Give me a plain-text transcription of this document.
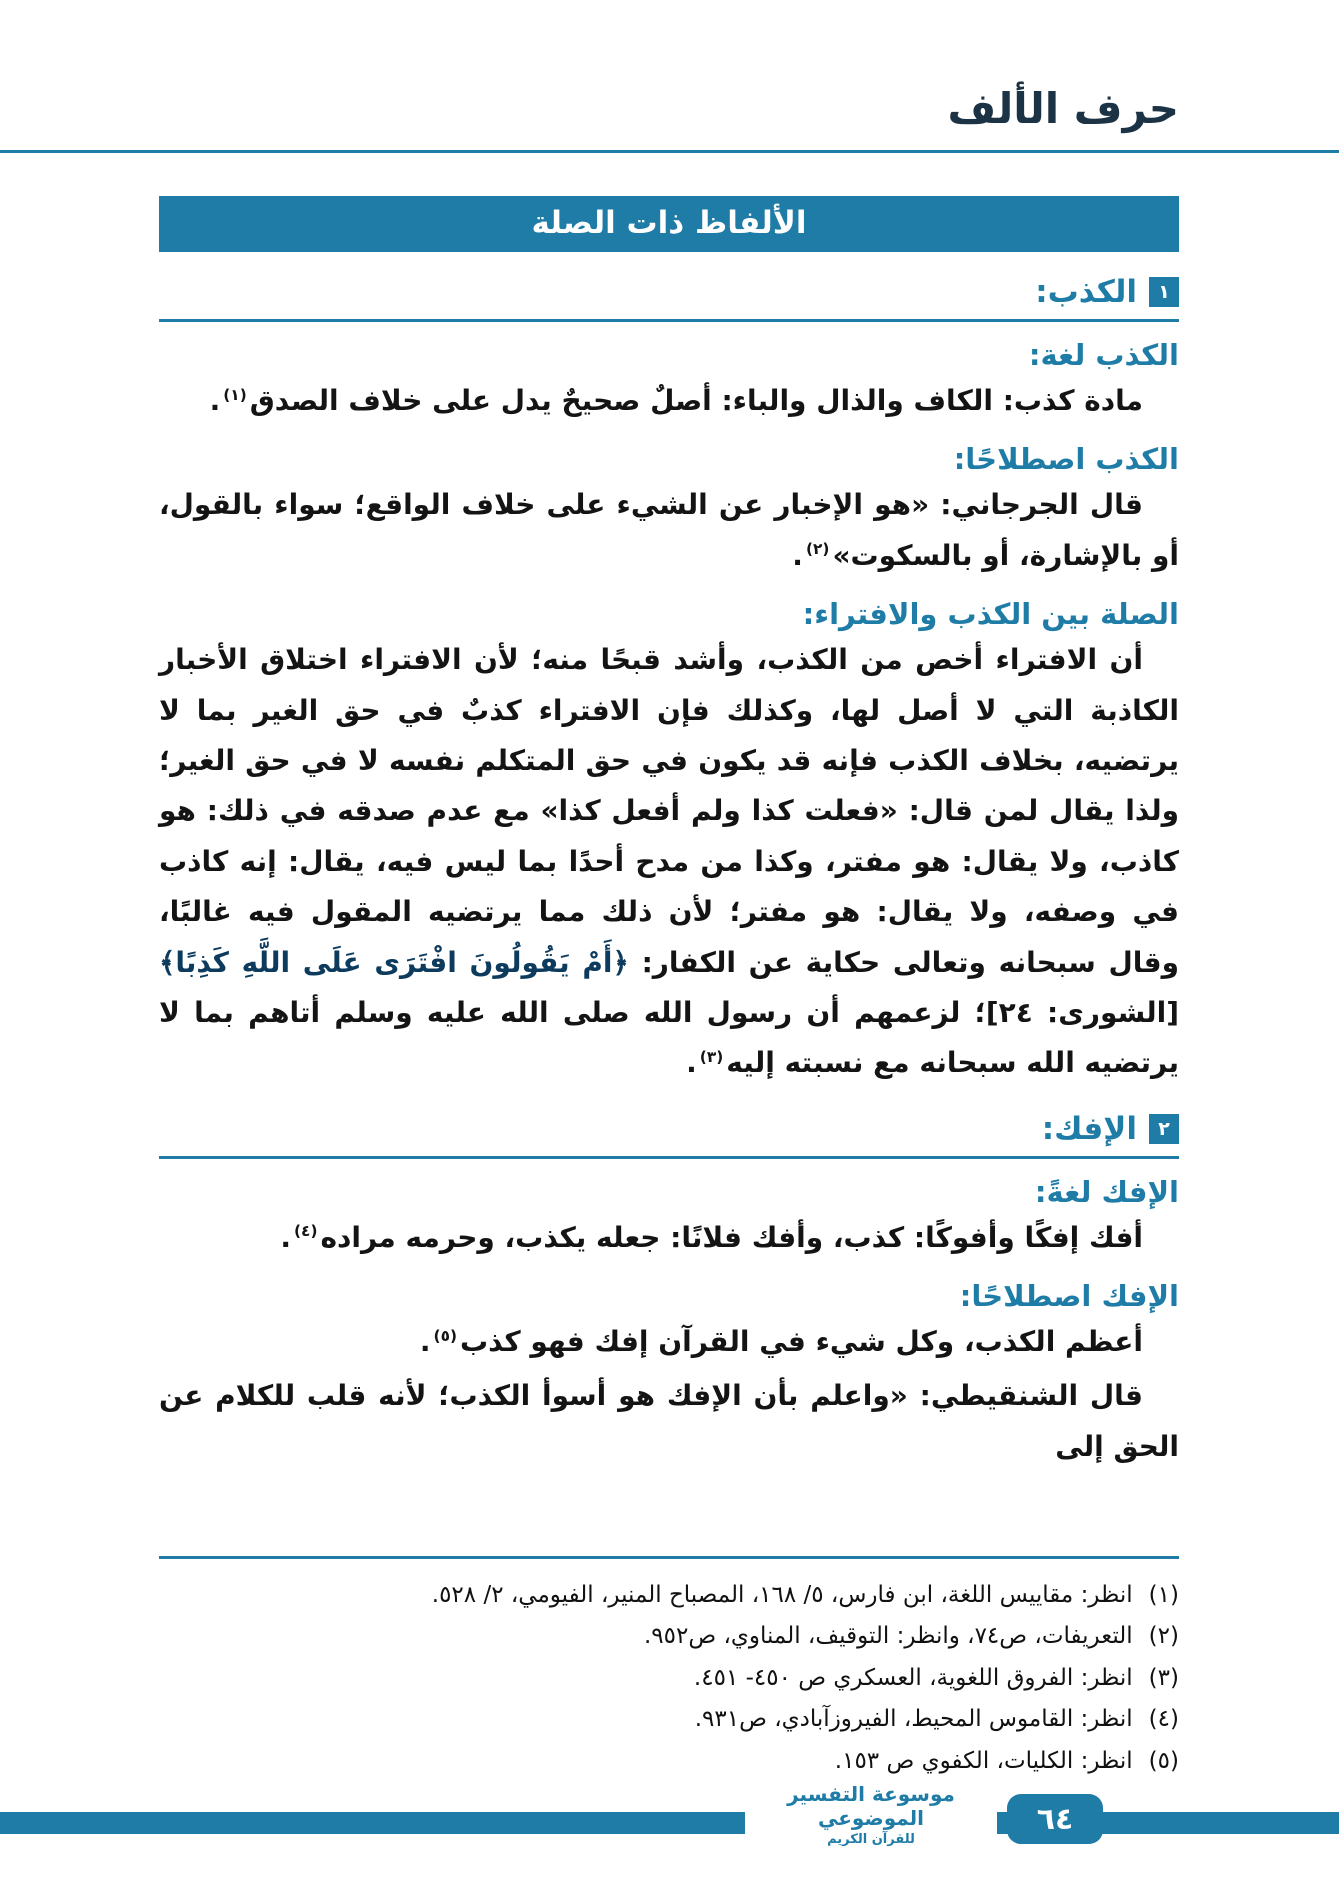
حرف الألف
الألفاظ ذات الصلة
١
الكذب:
الكذب لغة:

مادة كذب: الكاف والذال والباء: أصلٌ صحيحٌ يدل على خلاف الصدق$^{(١)}$.

الكذب اصطلاحًا:

قال الجرجاني: «هو الإخبار عن الشيء على خلاف الواقع؛ سواء بالقول، أو بالإشارة، أو بالسكوت»$^{(٢)}$.

الصلة بين الكذب والافتراء:

أن الافتراء أخص من الكذب، وأشد قبحًا منه؛ لأن الافتراء اختلاق الأخبار الكاذبة التي لا أصل لها، وكذلك فإن الافتراء كذبٌ في حق الغير بما لا يرتضيه، بخلاف الكذب فإنه قد يكون في حق المتكلم نفسه لا في حق الغير؛ ولذا يقال لمن قال: «فعلت كذا ولم أفعل كذا» مع عدم صدقه في ذلك: هو كاذب، ولا يقال: هو مفتر، وكذا من مدح أحدًا بما ليس فيه، يقال: إنه كاذب في وصفه، ولا يقال: هو مفتر؛ لأن ذلك مما يرتضيه المقول فيه غالبًا، وقال سبحانه وتعالى حكاية عن الكفار: ﴿أَمْ يَقُولُونَ افْتَرَى عَلَى اللَّهِ كَذِبًا﴾ [الشورى: ٢٤]؛ لزعمهم أن رسول الله صلى الله عليه وسلم أتاهم بما لا يرتضيه الله سبحانه مع نسبته إليه$^{(٣)}$.

٢
الإفك:
الإفك لغةً:

أفك إفكًا وأفوكًا: كذب، وأفك فلانًا: جعله يكذب، وحرمه مراده$^{(٤)}$.

الإفك اصطلاحًا:

أعظم الكذب، وكل شيء في القرآن إفك فهو كذب$^{(٥)}$.

قال الشنقيطي: «واعلم بأن الإفك هو أسوأ الكذب؛ لأنه قلب للكلام عن الحق إلى

(١)
انظر: مقاييس اللغة، ابن فارس، ٥/ ١٦٨، المصباح المنير، الفيومي، ٢/ ٥٢٨.
(٢)
التعريفات، ص٧٤، وانظر: التوقيف، المناوي، ص٩٥٢.
(٣)
انظر: الفروق اللغوية، العسكري ص ٤٥٠- ٤٥١.
(٤)
انظر: القاموس المحيط، الفيروزآبادي، ص٩٣١.
(٥)
انظر: الكليات، الكفوي ص ١٥٣.
موسوعة التفسير الموضوعي
للقرآن الكريم
٦٤
